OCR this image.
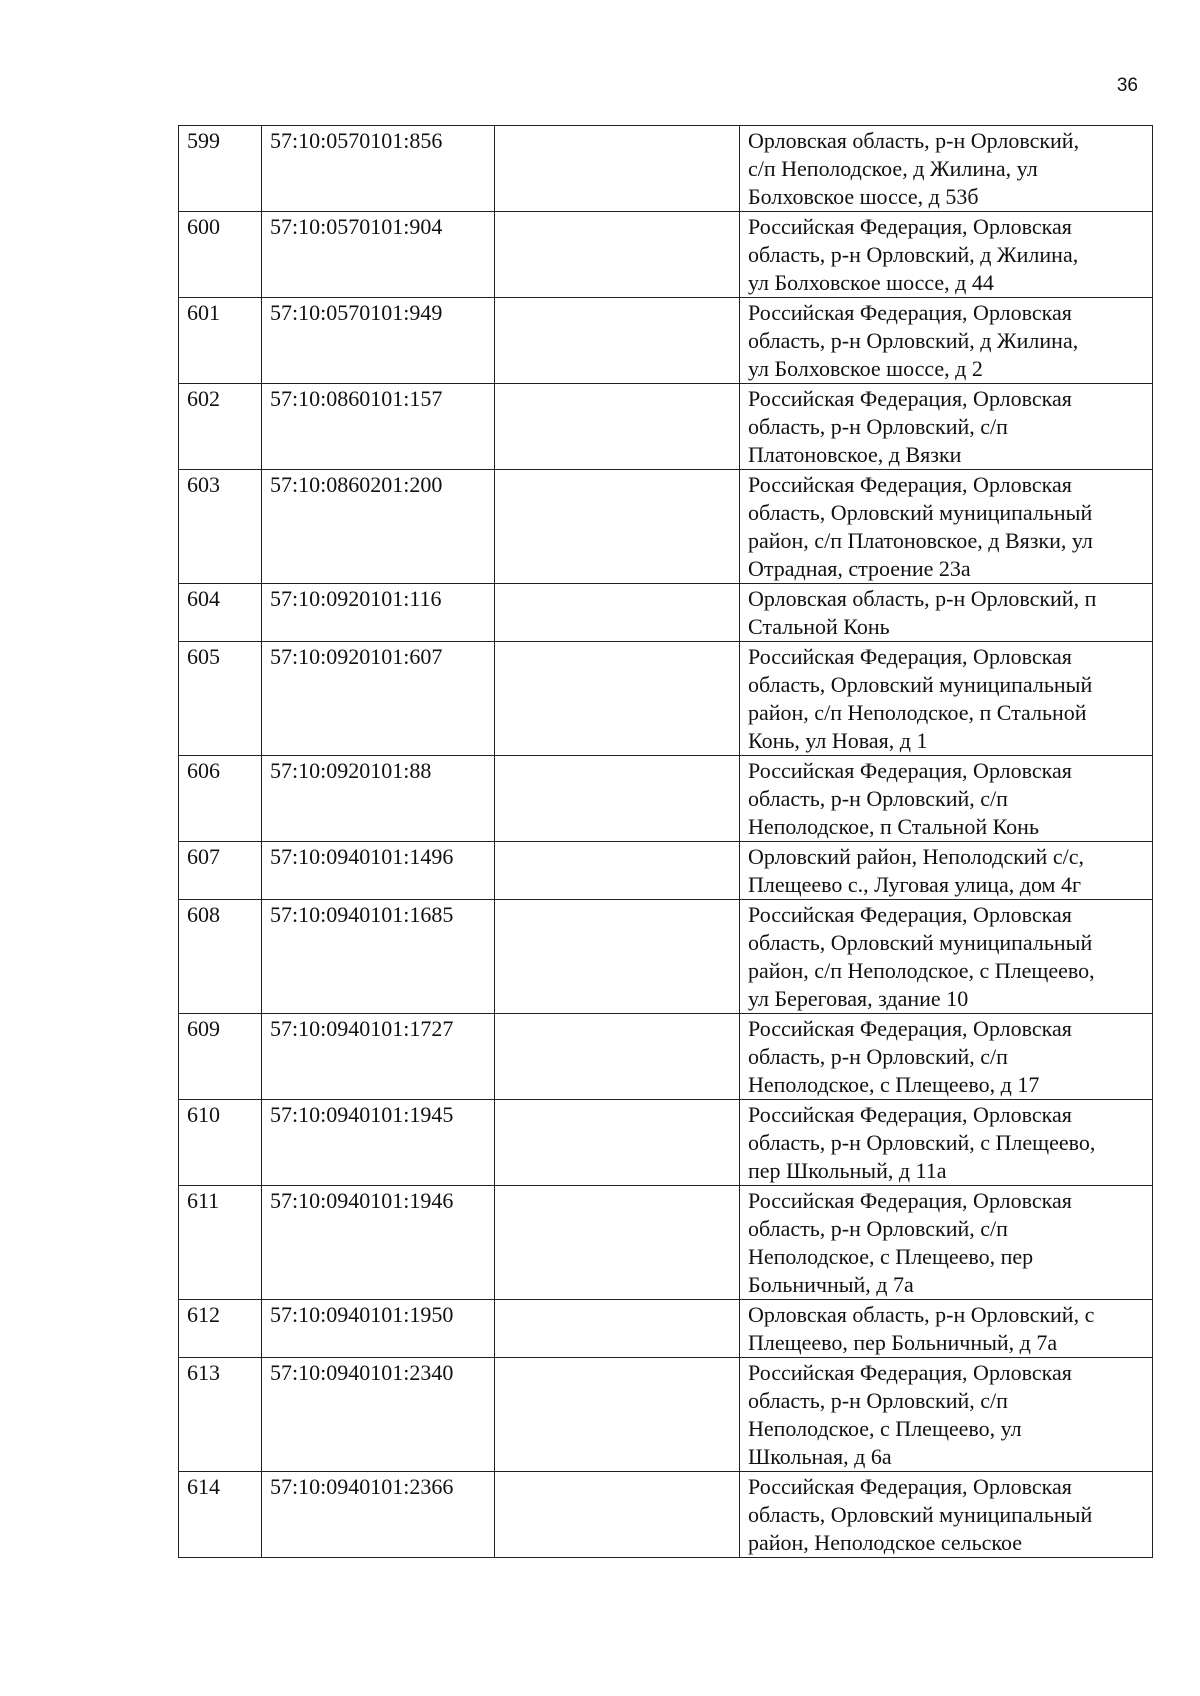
36
599	57:10:0570101:856		Орловская область, р-н Орловский,
с/п Неполодское, д Жилина, ул
Болховское шоссе, д 53б

600	57:10:0570101:904		Российская Федерация, Орловская
область, р-н Орловский, д Жилина,
ул Болховское шоссе, д 44

601	57:10:0570101:949		Российская Федерация, Орловская
область, р-н Орловский, д Жилина,
ул Болховское шоссе, д 2

602	57:10:0860101:157		Российская Федерация, Орловская
область, р-н Орловский, с/п
Платоновское, д Вязки

603	57:10:0860201:200		Российская Федерация, Орловская
область, Орловский муниципальный
район, с/п Платоновское, д Вязки, ул
Отрадная, строение 23а

604	57:10:0920101:116		Орловская область, р-н Орловский, п
Стальной Конь

605	57:10:0920101:607		Российская Федерация, Орловская
область, Орловский муниципальный
район, с/п Неполодское, п Стальной
Конь, ул Новая, д 1

606	57:10:0920101:88		Российская Федерация, Орловская
область, р-н Орловский, с/п
Неполодское, п Стальной Конь

607	57:10:0940101:1496		Орловский район, Неполодский с/с,
Плещеево с., Луговая улица, дом 4г

608	57:10:0940101:1685		Российская Федерация, Орловская
область, Орловский муниципальный
район, с/п Неполодское, с Плещеево,
ул Береговая, здание 10

609	57:10:0940101:1727		Российская Федерация, Орловская
область, р-н Орловский, с/п
Неполодское, с Плещеево, д 17

610	57:10:0940101:1945		Российская Федерация, Орловская
область, р-н Орловский, с Плещеево,
пер Школьный, д 11а

611	57:10:0940101:1946		Российская Федерация, Орловская
область, р-н Орловский, с/п
Неполодское, с Плещеево, пер
Больничный, д 7а

612	57:10:0940101:1950		Орловская область, р-н Орловский, с
Плещеево, пер Больничный, д 7а

613	57:10:0940101:2340		Российская Федерация, Орловская
область, р-н Орловский, с/п
Неполодское, с Плещеево, ул
Школьная, д 6а

614	57:10:0940101:2366		Российская Федерация, Орловская
область, Орловский муниципальный
район, Неполодское сельское
